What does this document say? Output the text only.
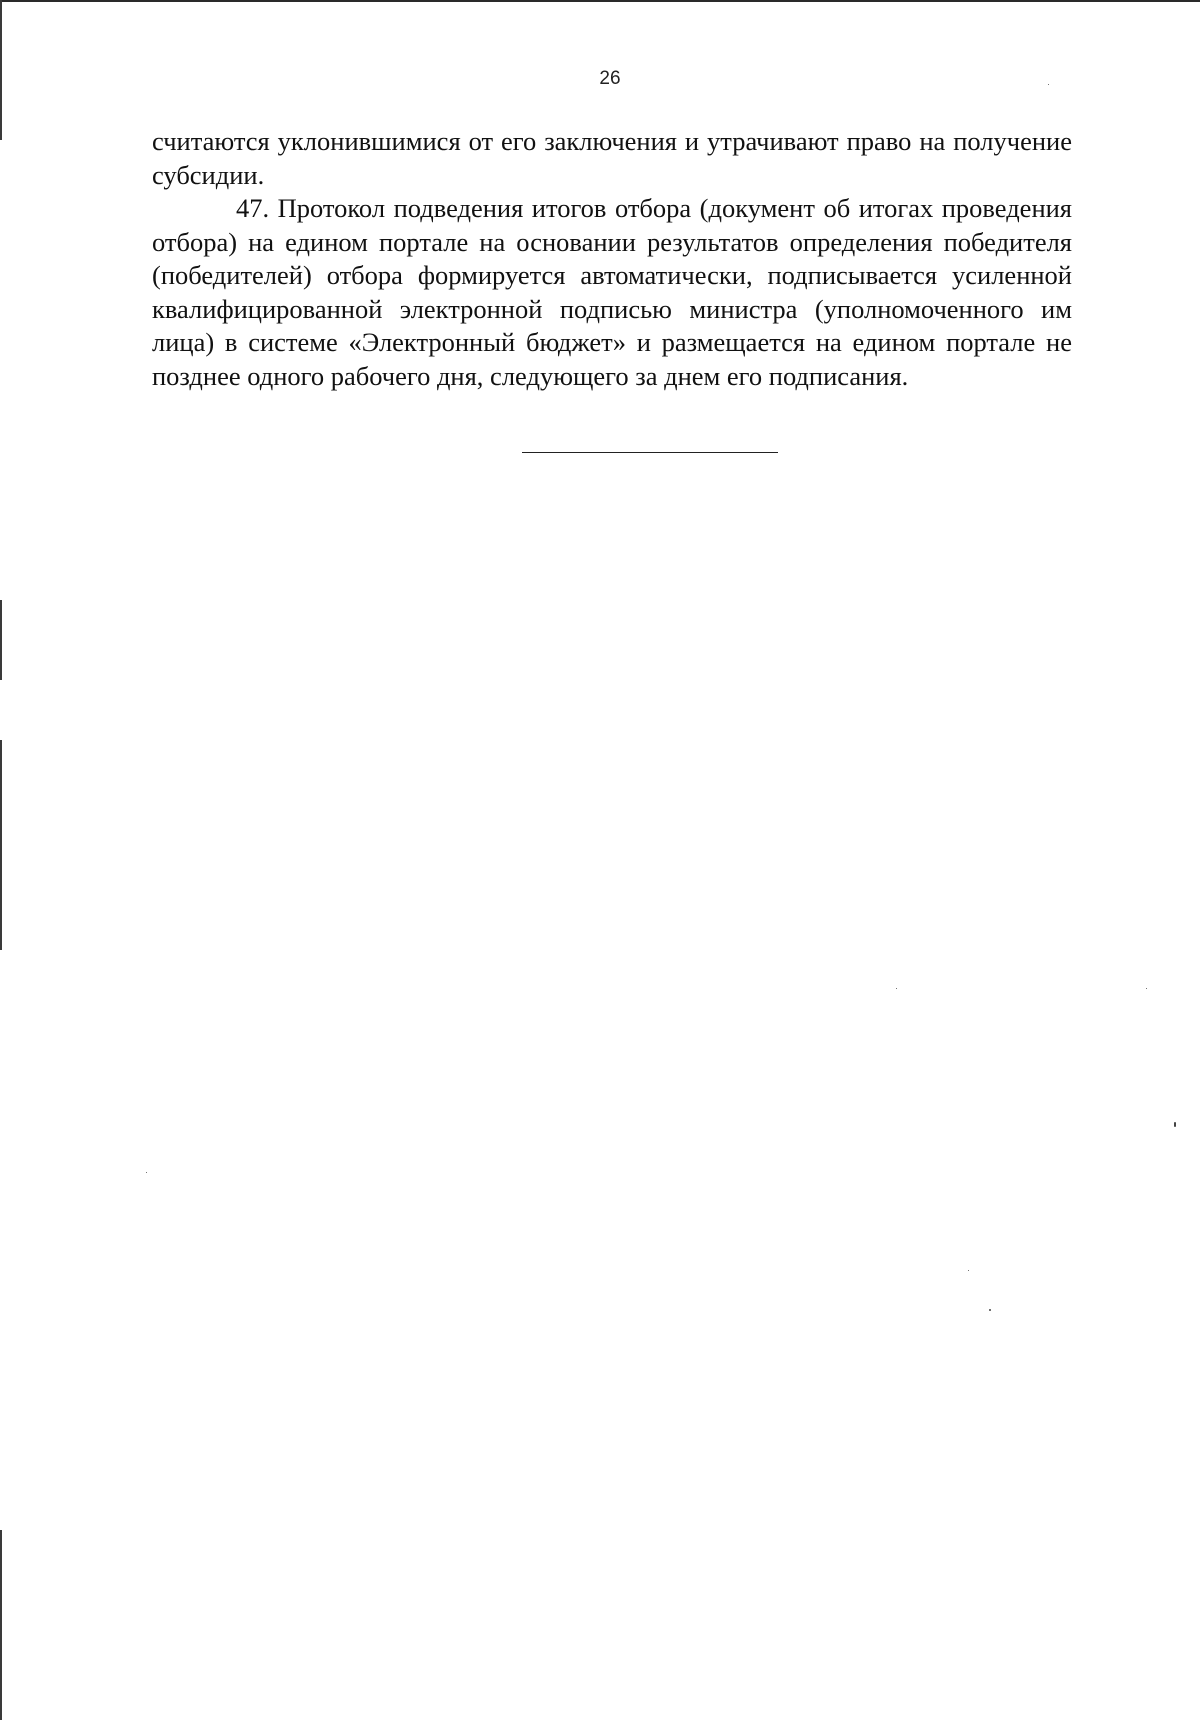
26

считаются уклонившимися от его заключения и утрачивают право на получение субсидии.

47. Протокол подведения итогов отбора (документ об итогах проведения отбора) на едином портале на основании результатов определения победителя (победителей) отбора формируется автоматически, подписывается усиленной квалифицированной электронной подписью министра (уполномоченного им лица) в системе «Электронный бюджет» и размещается на едином портале не позднее одного рабочего дня, следующего за днем его подписания.
